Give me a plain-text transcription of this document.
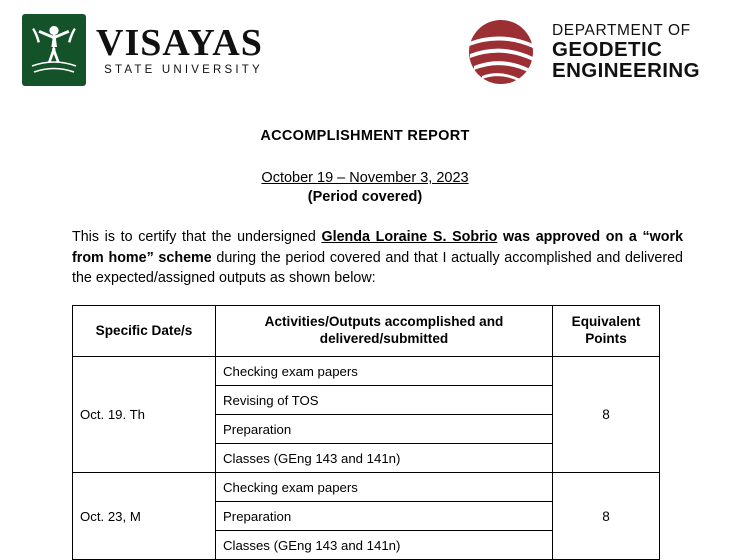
VISAYAS
STATE UNIVERSITY
DEPARTMENT OF
GEODETIC
ENGINEERING
ACCOMPLISHMENT REPORT
October 19 – November 3, 2023
(Period covered)

This is to certify that the undersigned Glenda Loraine S. Sobrio was approved on a “work from home” scheme during the period covered and that I actually accomplished and delivered the expected/assigned outputs as shown below:

Specific Date/s	Activities/Outputs accomplished and delivered/submitted	Equivalent Points
Oct. 19. Th	Checking exam papers	8
	Revising of TOS	
	Preparation	
	Classes (GEng 143 and 141n)	
Oct. 23, M	Checking exam papers	8
	Preparation	
	Classes (GEng 143 and 141n)	
